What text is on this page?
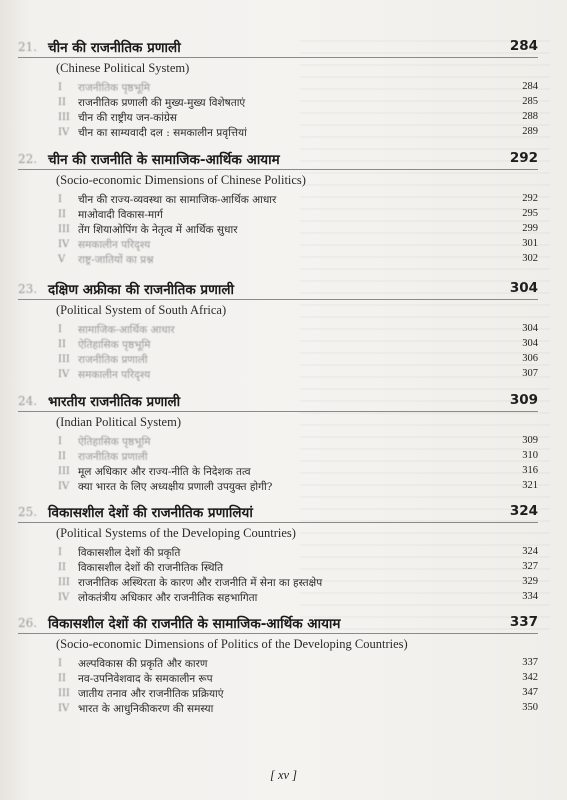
21. चीन की राजनीतिक प्रणाली	284
(Chinese Political System)
I राजनीतिक पृष्ठभूमि	284
II राजनीतिक प्रणाली की मुख्य-मुख्य विशेषताएं	285
III चीन की राष्ट्रीय जन-कांग्रेस	288
IV चीन का साम्यवादी दल : समकालीन प्रवृत्तियां	289
22. चीन की राजनीति के सामाजिक-आर्थिक आयाम	292
(Socio-economic Dimensions of Chinese Politics)
I चीन की राज्य-व्यवस्था का सामाजिक-आर्थिक आधार	292
II माओवादी विकास-मार्ग	295
III तेंग शियाओपिंग के नेतृत्व में आर्थिक सुधार	299
IV समकालीन परिदृश्य	301
V राष्ट्र-जातियों का प्रश्न	302
23. दक्षिण अफ्रीका की राजनीतिक प्रणाली	304
(Political System of South Africa)
I सामाजिक-आर्थिक आधार	304
II ऐतिहासिक पृष्ठभूमि	304
III राजनीतिक प्रणाली	306
IV समकालीन परिदृश्य	307
24. भारतीय राजनीतिक प्रणाली	309
(Indian Political System)
I ऐतिहासिक पृष्ठभूमि	309
II राजनीतिक प्रणाली	310
III मूल अधिकार और राज्य-नीति के निदेशक तत्व	316
IV क्या भारत के लिए अध्यक्षीय प्रणाली उपयुक्त होगी?	321
25. विकासशील देशों की राजनीतिक प्रणालियां	324
(Political Systems of the Developing Countries)
I विकासशील देशों की प्रकृति	324
II विकासशील देशों की राजनीतिक स्थिति	327
III राजनीतिक अस्थिरता के कारण और राजनीति में सेना का हस्तक्षेप	329
IV लोकतंत्रीय अधिकार और राजनीतिक सहभागिता	334
26. विकासशील देशों की राजनीति के सामाजिक-आर्थिक आयाम	337
(Socio-economic Dimensions of Politics of the Developing Countries)
I अल्पविकास की प्रकृति और कारण	337
II नव-उपनिवेशवाद के समकालीन रूप	342
III जातीय तनाव और राजनीतिक प्रक्रियाएं	347
IV भारत के आधुनिकीकरण की समस्या	350
[ xv ]
